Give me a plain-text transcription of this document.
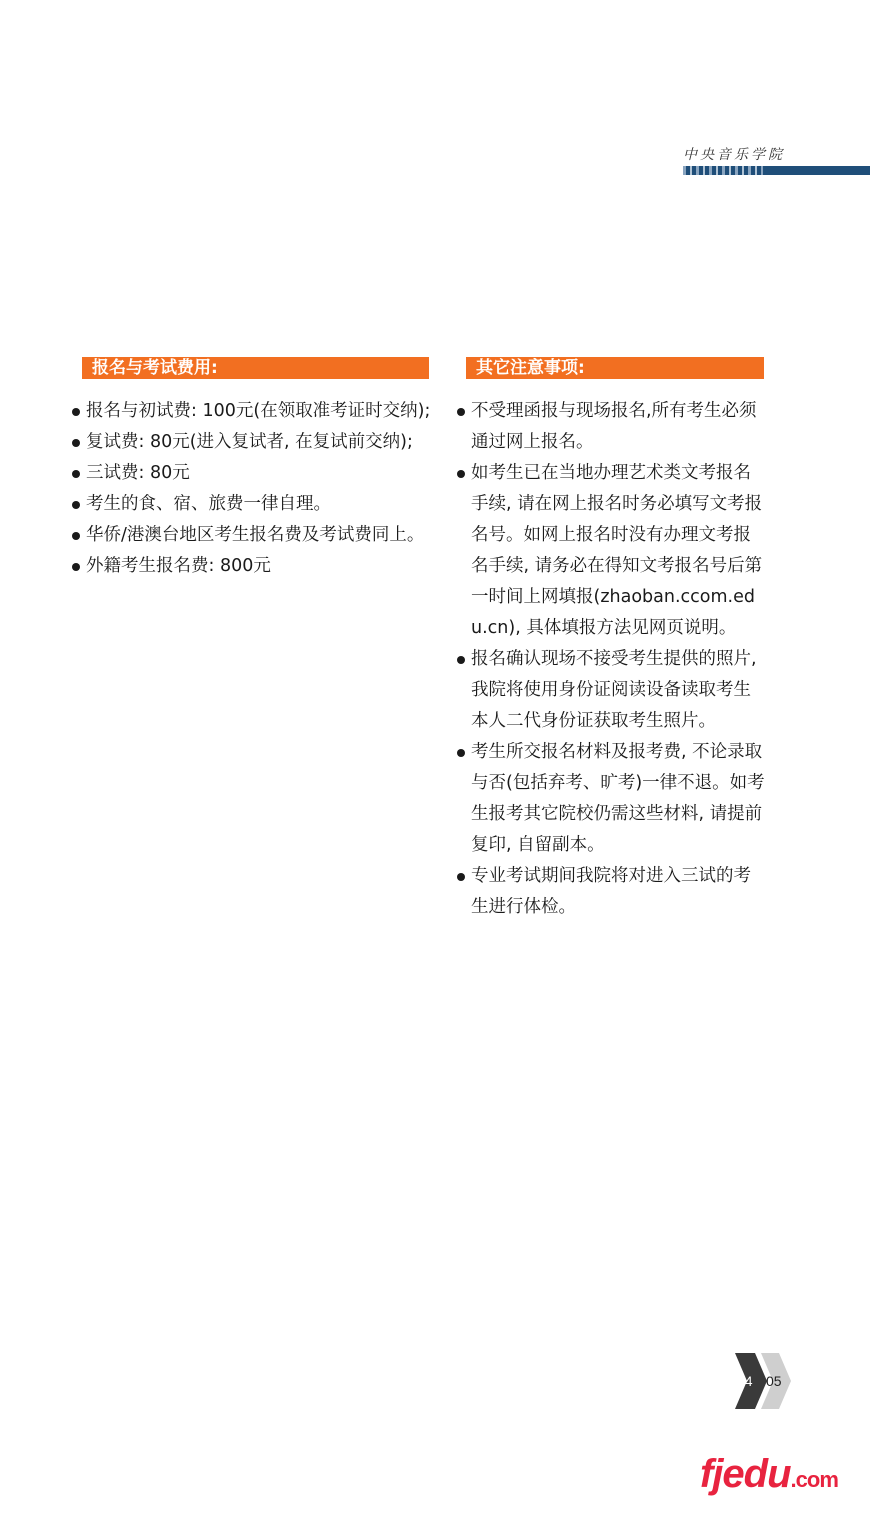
中央音乐学院
报名与考试费用:
报名与初试费: 100元(在领取准考证时交纳);
复试费: 80元(进入复试者, 在复试前交纳);
三试费: 80元
考生的食、宿、旅费一律自理。
华侨/港澳台地区考生报名费及考试费同上。
外籍考生报名费: 800元
其它注意事项:
不受理函报与现场报名,所有考生必须通过网上报名。
如考生已在当地办理艺术类文考报名手续, 请在网上报名时务必填写文考报名号。如网上报名时没有办理文考报名手续, 请务必在得知文考报名号后第一时间上网填报(zhaoban.ccom.edu.cn), 具体填报方法见网页说明。
报名确认现场不接受考生提供的照片, 我院将使用身份证阅读设备读取考生本人二代身份证获取考生照片。
考生所交报名材料及报考费, 不论录取与否(包括弃考、旷考)一律不退。如考生报考其它院校仍需这些材料, 请提前复印, 自留副本。
专业考试期间我院将对进入三试的考生进行体检。
04 05
fjedu.com
